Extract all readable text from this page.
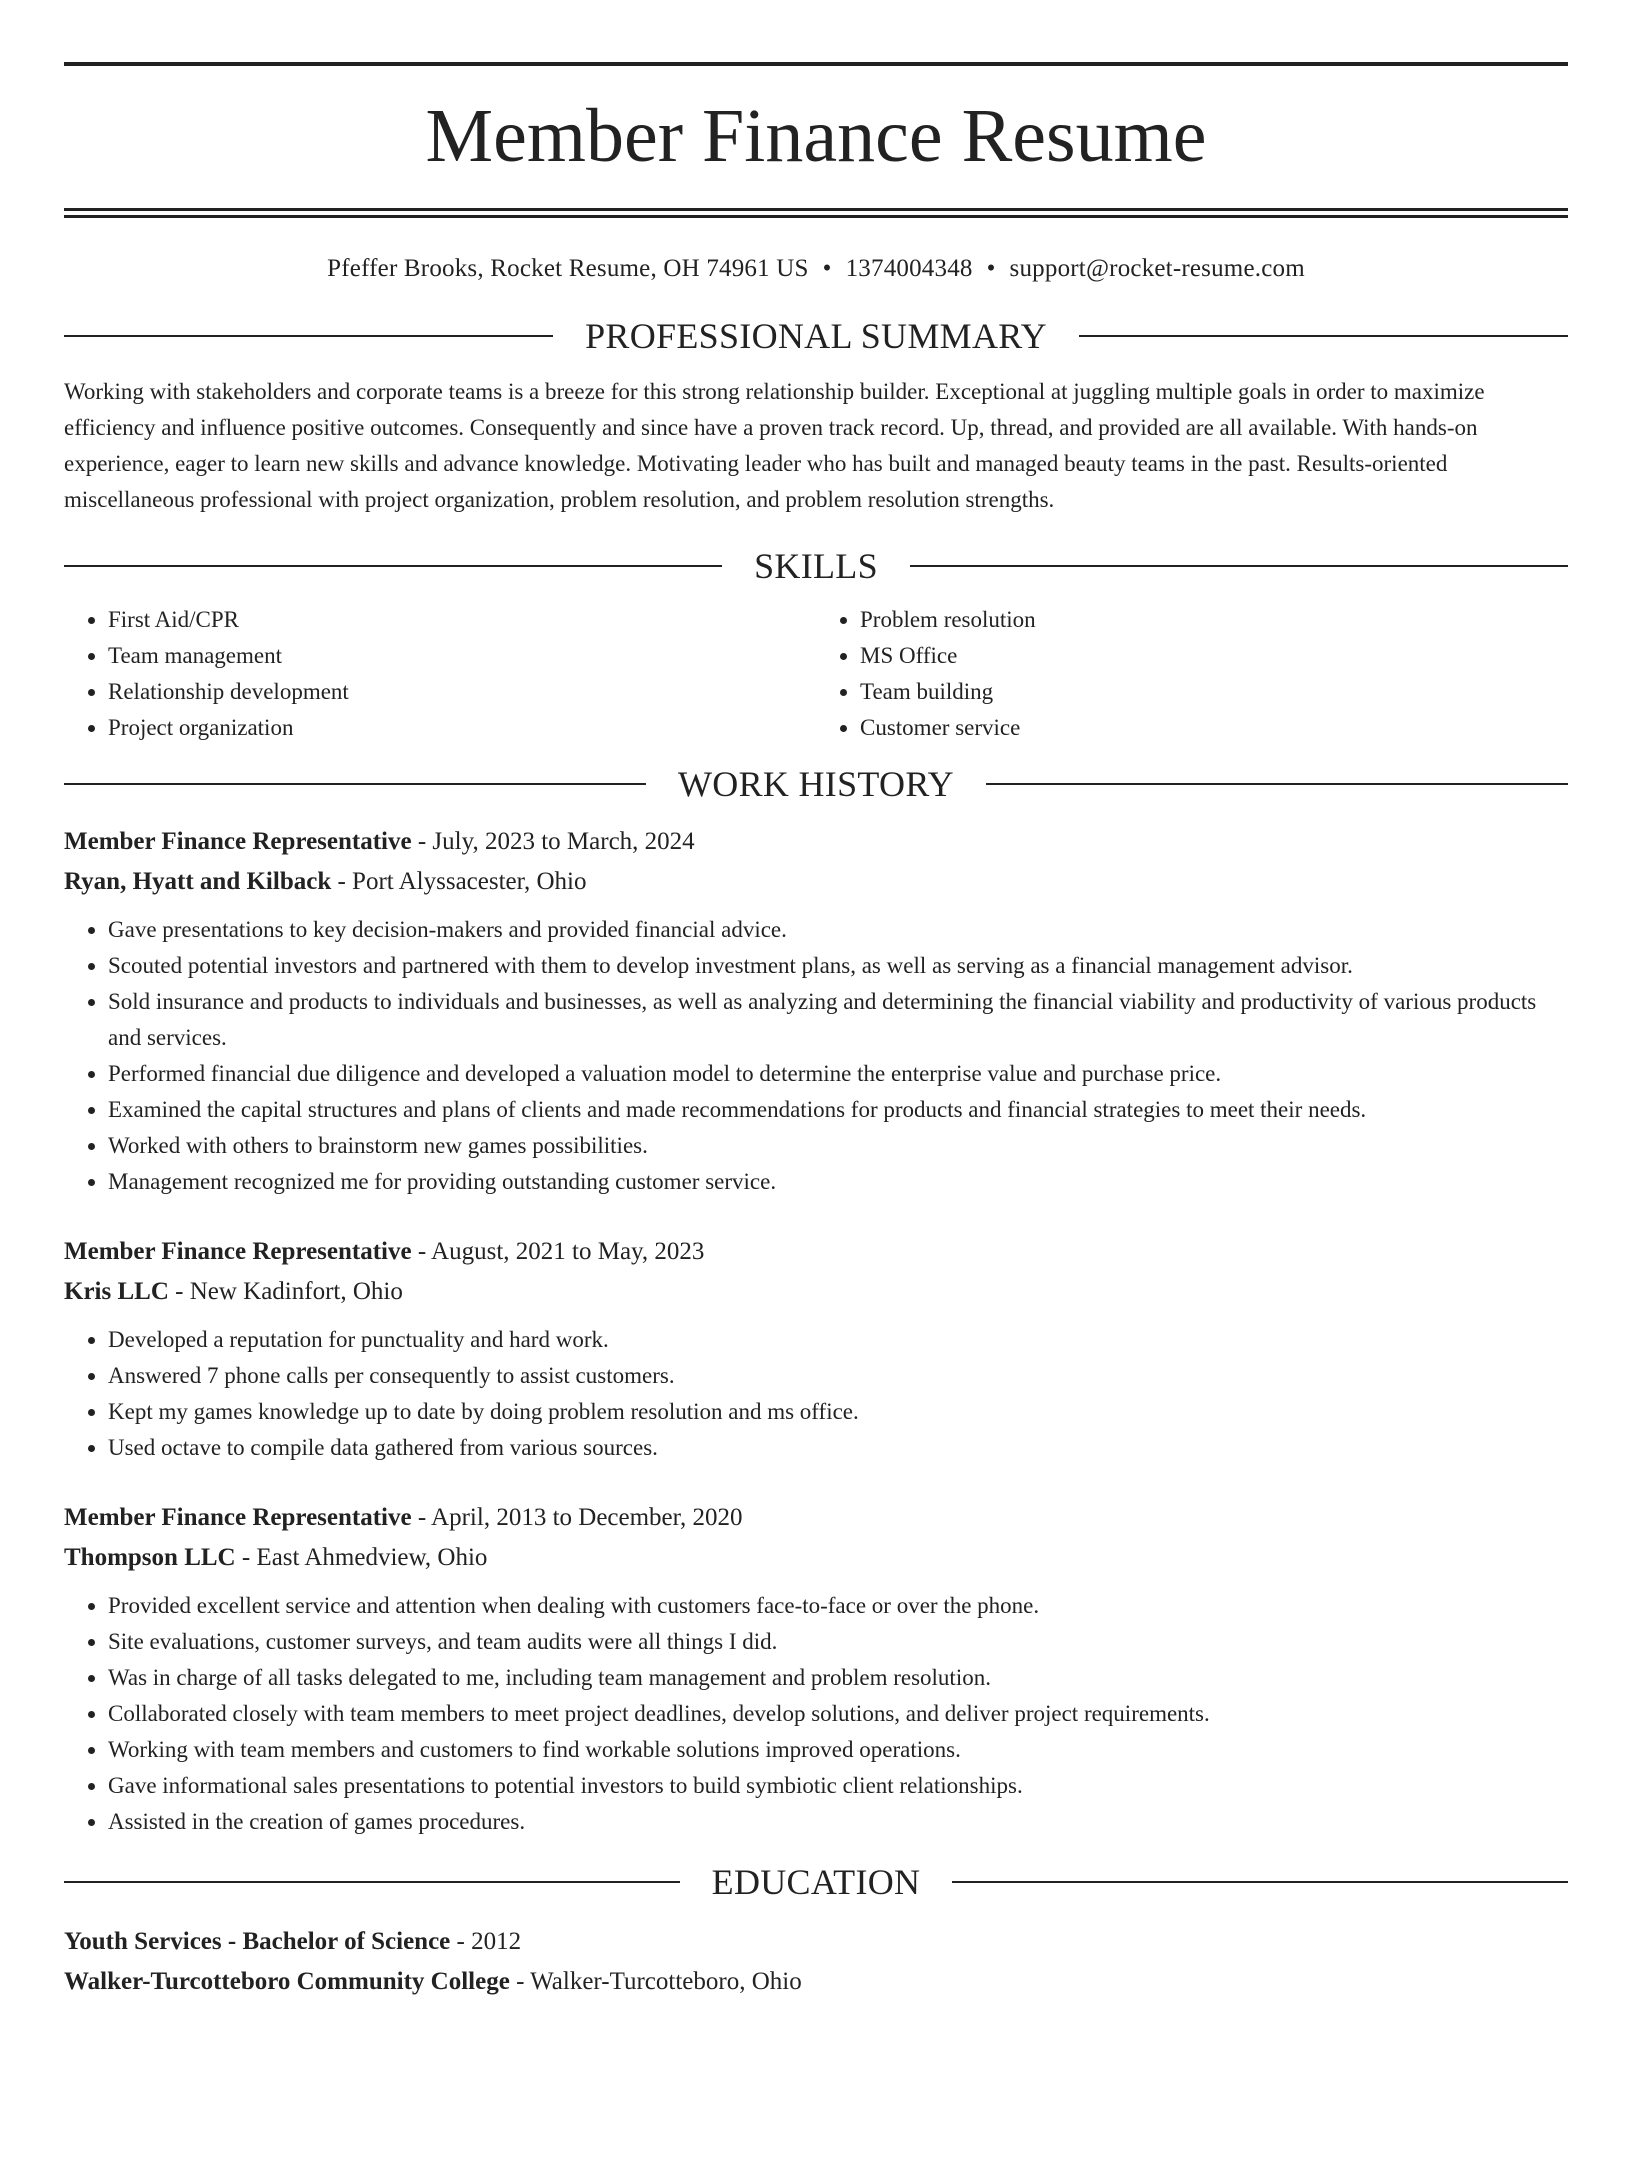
Member Finance Resume
Pfeffer Brooks, Rocket Resume, OH 74961 US • 1374004348 • support@rocket-resume.com
PROFESSIONAL SUMMARY

Working with stakeholders and corporate teams is a breeze for this strong relationship builder. Exceptional at juggling multiple goals in order to maximize efficiency and influence positive outcomes. Consequently and since have a proven track record. Up, thread, and provided are all available. With hands-on experience, eager to learn new skills and advance knowledge. Motivating leader who has built and managed beauty teams in the past. Results-oriented miscellaneous professional with project organization, problem resolution, and problem resolution strengths.

SKILLS
• First Aid/CPR
• Team management
• Relationship development
• Project organization
• Problem resolution
• MS Office
• Team building
• Customer service
WORK HISTORY
Member Finance Representative - July, 2023 to March, 2024
Ryan, Hyatt and Kilback - Port Alyssacester, Ohio
• Gave presentations to key decision-makers and provided financial advice.
• Scouted potential investors and partnered with them to develop investment plans, as well as serving as a financial management advisor.
• Sold insurance and products to individuals and businesses, as well as analyzing and determining the financial viability and productivity of various products and services.
• Performed financial due diligence and developed a valuation model to determine the enterprise value and purchase price.
• Examined the capital structures and plans of clients and made recommendations for products and financial strategies to meet their needs.
• Worked with others to brainstorm new games possibilities.
• Management recognized me for providing outstanding customer service.
Member Finance Representative - August, 2021 to May, 2023
Kris LLC - New Kadinfort, Ohio
• Developed a reputation for punctuality and hard work.
• Answered 7 phone calls per consequently to assist customers.
• Kept my games knowledge up to date by doing problem resolution and ms office.
• Used octave to compile data gathered from various sources.
Member Finance Representative - April, 2013 to December, 2020
Thompson LLC - East Ahmedview, Ohio
• Provided excellent service and attention when dealing with customers face-to-face or over the phone.
• Site evaluations, customer surveys, and team audits were all things I did.
• Was in charge of all tasks delegated to me, including team management and problem resolution.
• Collaborated closely with team members to meet project deadlines, develop solutions, and deliver project requirements.
• Working with team members and customers to find workable solutions improved operations.
• Gave informational sales presentations to potential investors to build symbiotic client relationships.
• Assisted in the creation of games procedures.
EDUCATION
Youth Services - Bachelor of Science - 2012
Walker-Turcotteboro Community College - Walker-Turcotteboro, Ohio
